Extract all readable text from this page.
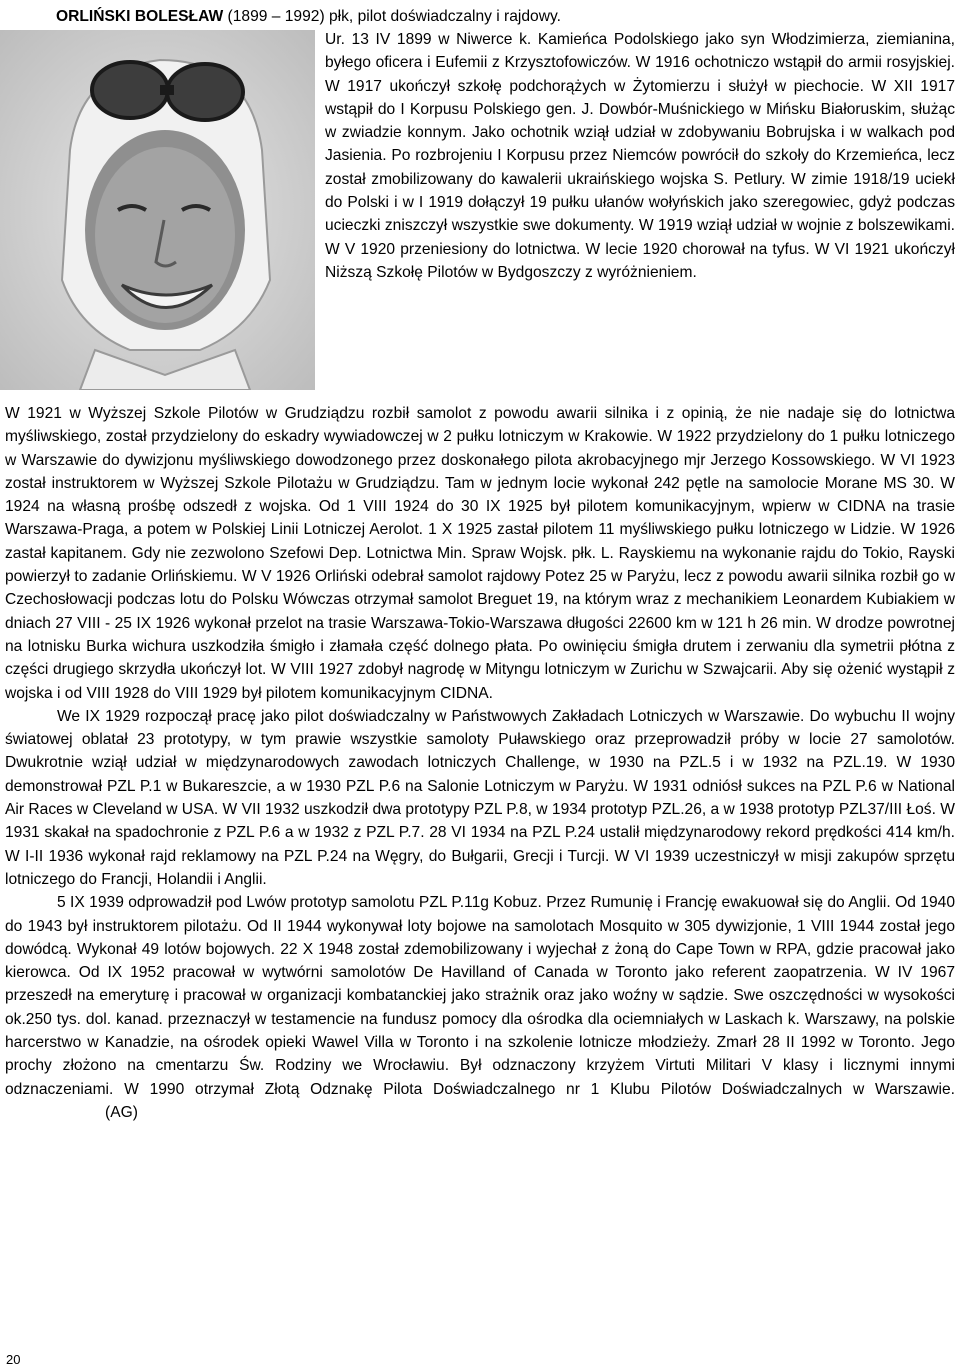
ORLIŃSKI BOLESŁAW (1899 – 1992) płk, pilot doświadczalny i rajdowy.
Ur. 13 IV 1899 w Niwerce k. Kamieńca Podolskiego jako syn Włodzimierza, ziemianina, byłego oficera i Eufemii z Krzysztofowiczów. W 1916 ochotniczo wstąpił do armii rosyjskiej. W 1917 ukończył szkołę podchorążych w Żytomierzu i służył w piechocie. W XII 1917 wstąpił do I Korpusu Polskiego gen. J. Dowbór-Muśnickiego w Mińsku Białoruskim, służąc w zwiadzie konnym. Jako ochotnik wziął udział w zdobywaniu Bobrujska i w walkach pod Jasienia. Po rozbrojeniu I Korpusu przez Niemców powrócił do szkoły do Krzemieńca, lecz został zmobilizowany do kawalerii ukraińskiego wojska S. Petlury. W zimie 1918/19 uciekł do Polski i w I 1919 dołączył 19 pułku ułanów wołyńskich jako szeregowiec, gdyż podczas ucieczki zniszczył wszystkie swe dokumenty. W 1919 wziął udział w wojnie z bolszewikami. W V 1920 przeniesiony do lotnictwa. W lecie 1920 chorował na tyfus. W VI 1921 ukończył Niższą Szkołę Pilotów w Bydgoszczy z wyróżnieniem.

W 1921 w Wyższej Szkole Pilotów w Grudziądzu rozbił samolot z powodu awarii silnika i z opinią, że nie nadaje się do lotnictwa myśliwskiego, został przydzielony do eskadry wywiadowczej w 2 pułku lotniczym w Krakowie. W 1922 przydzielony do 1 pułku lotniczego w Warszawie do dywizjonu myśliwskiego dowodzonego przez doskonałego pilota akrobacyjnego mjr Jerzego Kossowskiego. W VI 1923 został instruktorem w Wyższej Szkole Pilotażu w Grudziądzu. Tam w jednym locie wykonał 242 pętle na samolocie Morane MS 30. W 1924 na własną prośbę odszedł z wojska. Od 1 VIII 1924 do 30 IX 1925 był pilotem komunikacyjnym, wpierw w CIDNA na trasie Warszawa-Praga, a potem w Polskiej Linii Lotniczej Aerolot. 1 X 1925 zastał pilotem 11 myśliwskiego pułku lotniczego w Lidzie. W 1926 zastał kapitanem. Gdy nie zezwolono Szefowi Dep. Lotnictwa Min. Spraw Wojsk. płk. L. Rayskiemu na wykonanie rajdu do Tokio, Rayski powierzył to zadanie Orlińskiemu. W V 1926 Orliński odebrał samolot rajdowy Potez 25 w Paryżu, lecz z powodu awarii silnika rozbił go w Czechosłowacji podczas lotu do Polsku Wówczas otrzymał samolot Breguet 19, na którym wraz z mechanikiem Leonardem Kubiakiem w dniach 27 VIII - 25 IX 1926 wykonał przelot na trasie Warszawa-Tokio-Warszawa długości 22600 km w 121 h 26 min. W drodze powrotnej na lotnisku Burka wichura uszkodziła śmigło i złamała część dolnego płata. Po owinięciu śmigła drutem i zerwaniu dla symetrii płótna z części drugiego skrzydła ukończył lot. W VIII 1927 zdobył nagrodę w Mityngu lotniczym w Zurichu w Szwajcarii. Aby się ożenić wystąpił z wojska i od VIII 1928 do VIII 1929 był pilotem komunikacyjnym CIDNA.

We IX 1929 rozpoczął pracę jako pilot doświadczalny w Państwowych Zakładach Lotniczych w Warszawie. Do wybuchu II wojny światowej oblatał 23 prototypy, w tym prawie wszystkie samoloty Puławskiego oraz przeprowadził próby w locie 27 samolotów. Dwukrotnie wziął udział w międzynarodowych zawodach lotniczych Challenge, w 1930 na PZL.5 i w 1932 na PZL.19. W 1930 demonstrował PZL P.1 w Bukareszcie, a w 1930 PZL P.6 na Salonie Lotniczym w Paryżu. W 1931 odniósł sukces na PZL P.6 w National Air Races w Cleveland w USA. W VII 1932 uszkodził dwa prototypy PZL P.8, w 1934 prototyp PZL.26, a w 1938 prototyp PZL37/III Łoś. W 1931 skakał na spadochronie z PZL P.6 a w 1932 z PZL P.7. 28 VI 1934 na PZL P.24 ustalił międzynarodowy rekord prędkości 414 km/h. W I-II 1936 wykonał rajd reklamowy na PZL P.24 na Węgry, do Bułgarii, Grecji i Turcji. W VI 1939 uczestniczył w misji zakupów sprzętu lotniczego do Francji, Holandii i Anglii.

5 IX 1939 odprowadził pod Lwów prototyp samolotu PZL P.11g Kobuz. Przez Rumunię i Francję ewakuował się do Anglii. Od 1940 do 1943 był instruktorem pilotażu. Od II 1944 wykonywał loty bojowe na samolotach Mosquito w 305 dywizjonie, 1 VIII 1944 został jego dowódcą. Wykonał 49 lotów bojowych. 22 X 1948 został zdemobilizowany i wyjechał z żoną do Cape Town w RPA, gdzie pracował jako kierowca. Od IX 1952 pracował w wytwórni samolotów De Havilland of Canada w Toronto jako referent zaopatrzenia. W IV 1967 przeszedł na emeryturę i pracował w organizacji kombatanckiej jako strażnik oraz jako woźny w sądzie. Swe oszczędności w wysokości ok.250 tys. dol. kanad. przeznaczył w testamencie na fundusz pomocy dla ośrodka dla ociemniałych w Laskach k. Warszawy, na polskie harcerstwo w Kanadzie, na ośrodek opieki Wawel Villa w Toronto i na szkolenie lotnicze młodzieży. Zmarł 28 II 1992 w Toronto. Jego prochy złożono na cmentarzu Św. Rodziny we Wrocławiu. Był odznaczony krzyżem Virtuti Militari V klasy i licznymi innymi odznaczeniami. W 1990 otrzymał Złotą Odznakę Pilota Doświadczalnego nr 1 Klubu Pilotów Doświadczalnych w Warszawie.(AG)

20
